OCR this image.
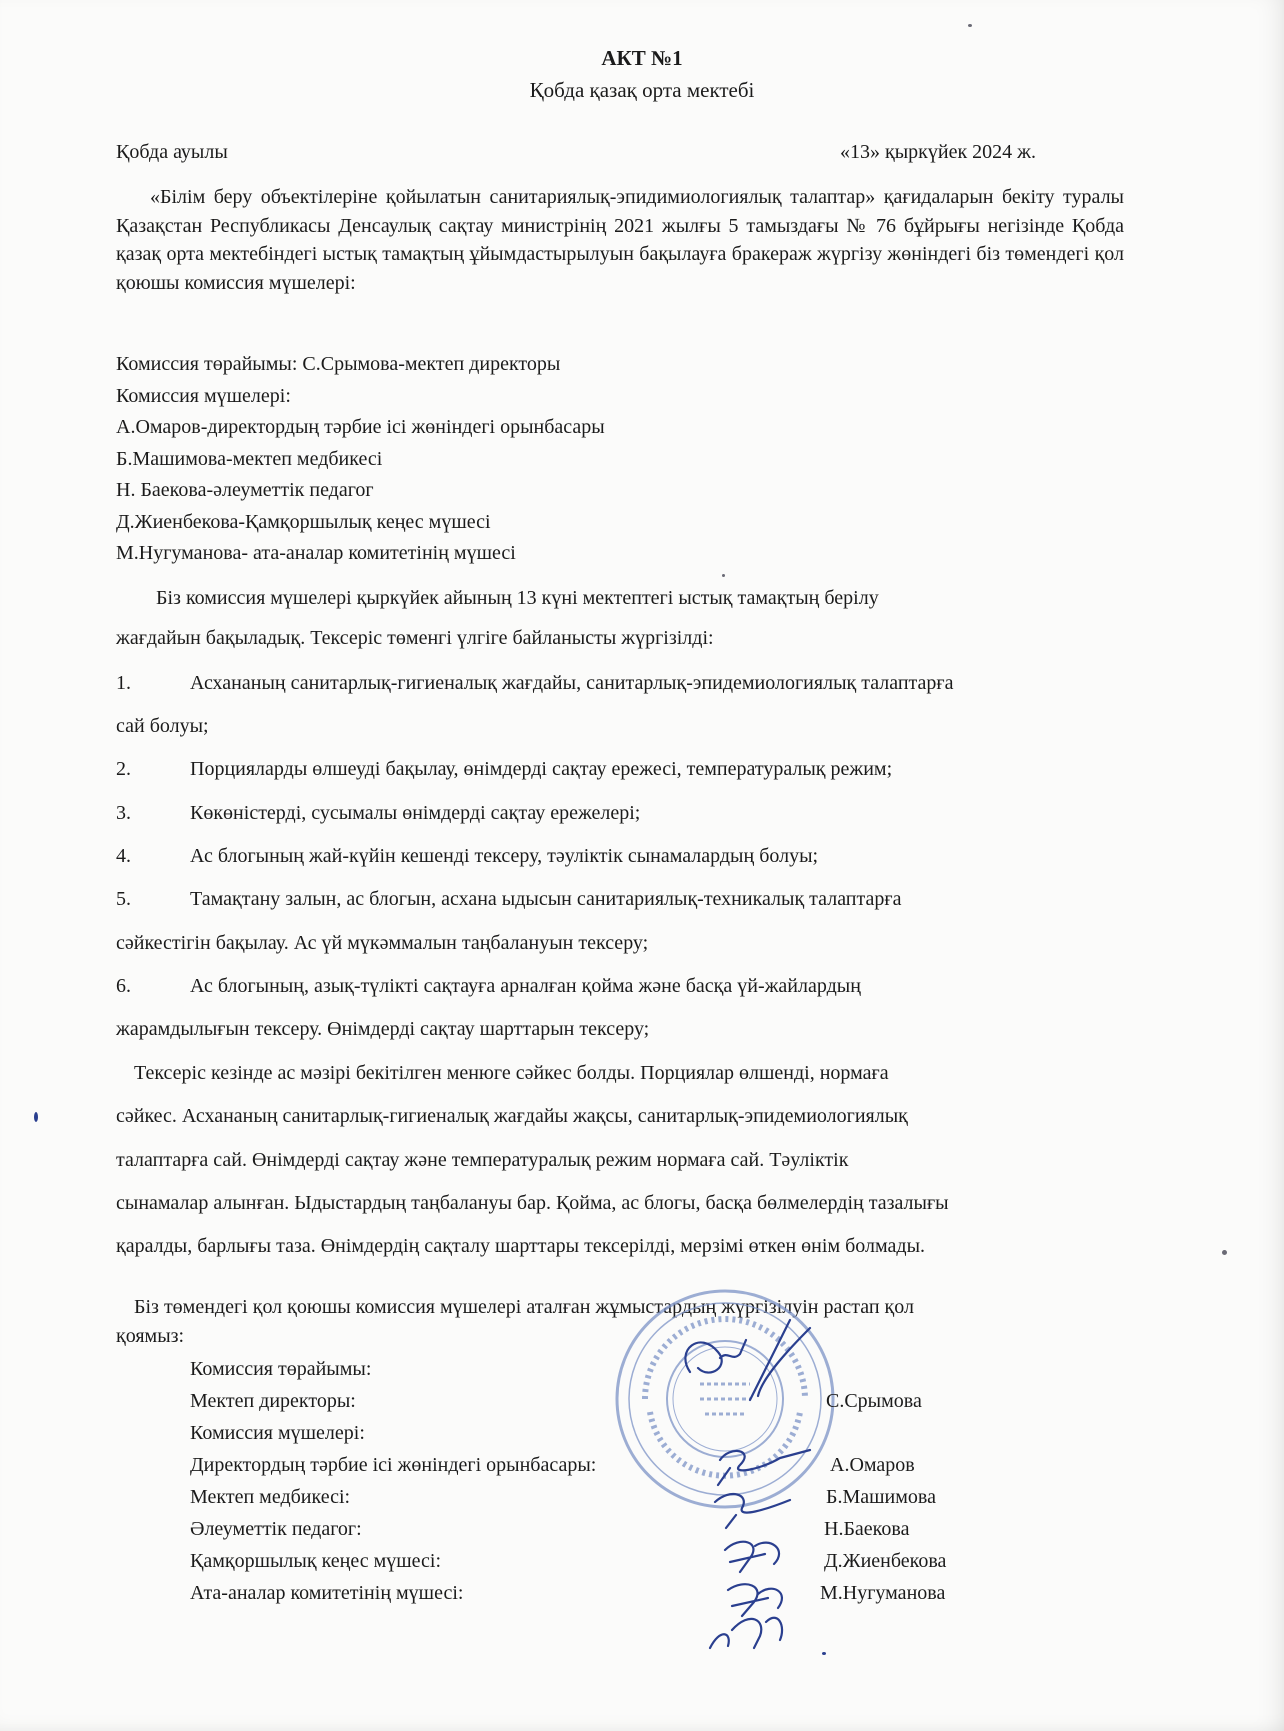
АКТ №1
Қобда қазақ орта мектебі
Қобда ауылы	«13» қыркүйек 2024 ж.
«Білім беру объектілеріне қойылатын санитариялық-эпидимиологиялық талаптар» қағидаларын бекіту туралы Қазақстан Республикасы Денсаулық сақтау министрінің 2021 жылғы 5 тамыздағы № 76 бұйрығы негізінде Қобда қазақ орта мектебіндегі ыстық тамақтың ұйымдастырылуын бақылауға бракераж жүргізу жөніндегі біз төмендегі қол қоюшы комиссия мүшелері:
Комиссия төрайымы: С.Срымова-мектеп директоры
Комиссия мүшелері:
А.Омаров-директордың тәрбие ісі жөніндегі орынбасары
Б.Машимова-мектеп медбикесі
Н. Баекова-әлеуметтік педагог
Д.Жиенбекова-Қамқоршылық кеңес мүшесі
М.Нугуманова- ата-аналар комитетінің мүшесі
Біз комиссия мүшелері қыркүйек айының 13 күні мектептегі ыстық тамақтың берілу
жағдайын бақыладық. Тексеріс төменгі үлгіге байланысты жүргізілді:
1.	Асхананың санитарлық-гигиеналық жағдайы, санитарлық-эпидемиологиялық талаптарға
сай болуы;
2.	Порцияларды өлшеуді бақылау, өнімдерді сақтау ережесі, температуралық режим;
3.	Көкөністерді, сусымалы өнімдерді сақтау ережелері;
4.	Ас блогының жай-күйін кешенді тексеру, тәуліктік сынамалардың болуы;
5.	Тамақтану залын, ас блогын, асхана ыдысын санитариялық-техникалық талаптарға
сәйкестігін бақылау. Ас үй мүкәммалын таңбалануын тексеру;
6.	Ас блогының, азық-түлікті сақтауға арналған қойма және басқа үй-жайлардың
жарамдылығын тексеру. Өнімдерді сақтау шарттарын тексеру;
Тексеріс кезінде ас мәзірі бекітілген менюге сәйкес болды. Порциялар өлшенді, нормаға
сәйкес. Асхананың санитарлық-гигиеналық жағдайы жақсы, санитарлық-эпидемиологиялық
талаптарға сай. Өнімдерді сақтау және температуралық режим нормаға сай. Тәуліктік
сынамалар алынған. Ыдыстардың таңбалануы бар. Қойма, ас блогы, басқа бөлмелердің тазалығы
қаралды, барлығы таза. Өнімдердің сақталу шарттары тексерілді, мерзімі өткен өнім болмады.
Біз төмендегі қол қоюшы комиссия мүшелері аталған жұмыстардың жүргізілуін растап қол
қоямыз:
Комиссия төрайымы:
Мектеп директоры:	С.Срымова
Комиссия мүшелері:
Директордың тәрбие ісі жөніндегі орынбасары:	А.Омаров
Мектеп медбикесі:	Б.Машимова
Әлеуметтік педагог:	Н.Баекова
Қамқоршылық кеңес мүшесі:	Д.Жиенбекова
Ата-аналар комитетінің мүшесі:	М.Нугуманова
